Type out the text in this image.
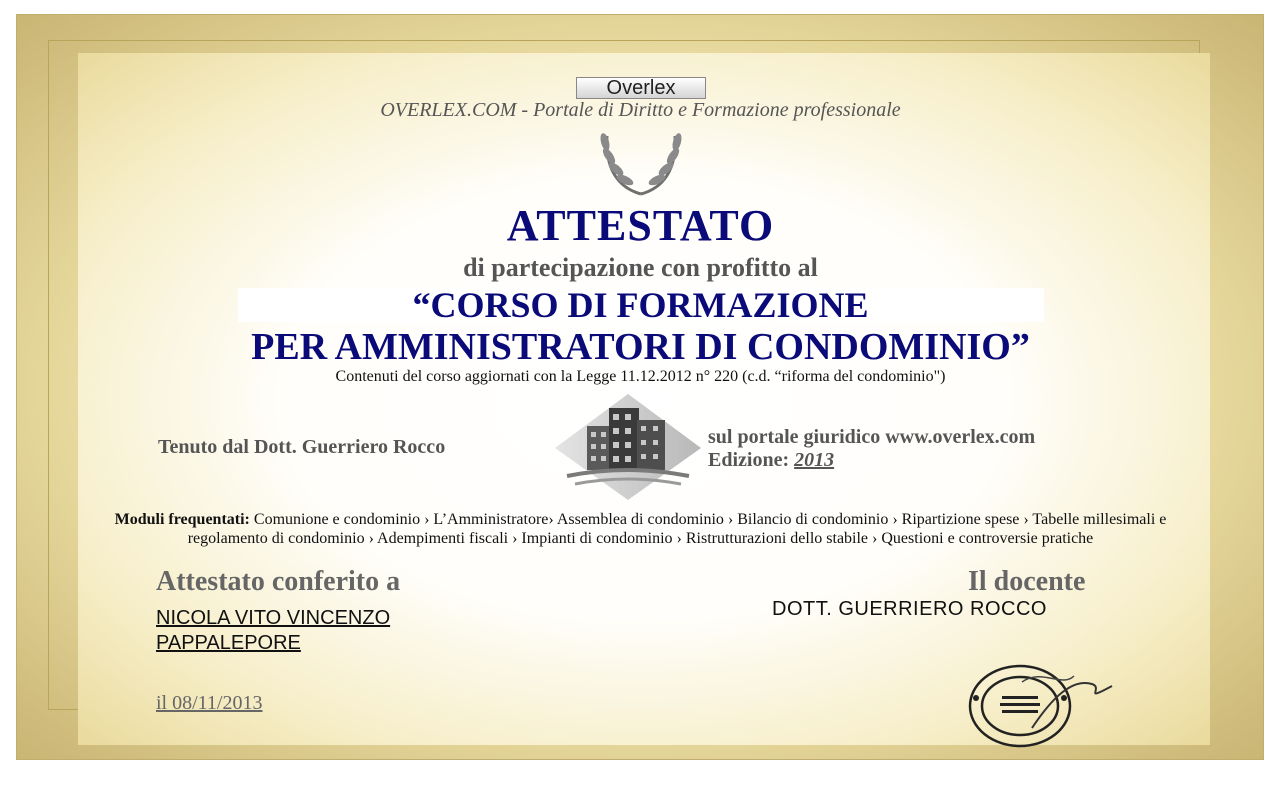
Overlex
OVERLEX.COM - Portale di Diritto e Formazione professionale
ATTESTATO
di partecipazione con profitto al
“CORSO DI FORMAZIONE
PER AMMINISTRATORI DI CONDOMINIO”
Contenuti del corso aggiornati con la Legge 11.12.2012 n° 220 (c.d. “riforma del condominio")
Tenuto dal Dott. Guerriero Rocco	sul portale giuridico www.overlex.com
Edizione: 2013
Moduli frequentati: Comunione e condominio › L’Amministratore› Assemblea di condominio › Bilancio di condominio › Ripartizione spese › Tabelle millesimali e regolamento di condominio › Adempimenti fiscali › Impianti di condominio › Ristrutturazioni dello stabile › Questioni e controversie pratiche
Attestato conferito a	Il docente
NICOLA VITO VINCENZO
PAPPALEPORE
DOTT. GUERRIERO ROCCO
il 08/11/2013
